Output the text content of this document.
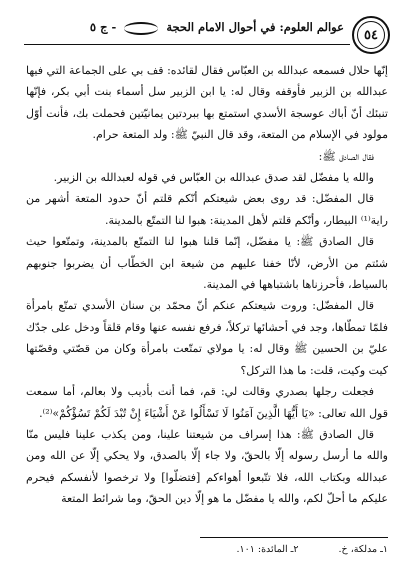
٥٤
عوالم العلوم: في أحوال الامام الحجة  - ج ٥

إنّها حلال فسمعه عبدالله بن العبّاس فقال لقائده: قف بي على الجماعة التي فيها عبدالله بن الزبير فأوقفه وقال له: يا ابن الزبير سل أسماء بنت أبي بكر، فإنّها تنبئك أنّ أباك عوسجة الأسدي استمتع بها ببردتين يمانيّتين فحملت بك، فأنت أوّل مولود في الإسلام من المتعة، وقد قال النبيّ ﷺ: ولد المتعة حرام.

فقال الصادق ﷺ:

والله يا مفضّل لقد صدق عبدالله بن العبّاس في قوله لعبدالله بن الزبير.

قال المفضّل: قد روى بعض شيعتكم أنّكم قلتم أنّ حدود المتعة أشهر من راية⁽¹⁾ البيطار، وأنّكم قلتم لأهل المدينة: هبوا لنا التمتّع بالمدينة.

قال الصادق ﷺ: يا مفضّل، إنّما قلنا هبوا لنا التمتّع بالمدينة، وتمتّعوا حيث شئتم من الأرض، لأنّا خفنا عليهم من شيعة ابن الخطّاب أن يضربوا جنوبهم بالسياط، فأحرزناها باشتباهها في المدينة.

قال المفضّل: وروت شيعتكم عنكم أنّ محمّد بن سنان الأسدي تمتّع بامرأة فلمّا تمطّاها، وجد في أحشائها تركلاً، فرفع نفسه عنها وقام قلقاً ودخل على جدّك عليّ بن الحسين ﷺ وقال له: يا مولاي تمتّعت بامرأة وكان من قصّتي وقصّتها كيت وكيت، قلت: ما هذا التركل؟

فجعلت رجلها بصدري وقالت لي: قم، فما أنت بأديب ولا بعالم، أما سمعت قول الله تعالى: «يَا أَيُّهَا الَّذِينَ آمَنُوا لَا تَسْأَلُوا عَنْ أَشْيَاءَ إِنْ تُبْدَ لَكُمْ تَسُؤْكُمْ»⁽²⁾.

قال الصادق ﷺ: هذا إسراف من شيعتنا علينا، ومن يكذب علينا فليس منّا والله ما أرسل رسوله إلّا بالحقّ، ولا جاء إلّا بالصدق، ولا يحكي إلّا عن الله ومن عبدالله وبكتاب الله، فلا تتّبعوا أهواءكم [فتضلّوا] ولا ترخصوا لأنفسكم فيحرم عليكم ما أحلّ لكم، والله يا مفضّل ما هو إلّا دين الحقّ، وما شرائط المتعة

١ـ مدلكة، خ.
٢ـ المائدة: ١٠١.
